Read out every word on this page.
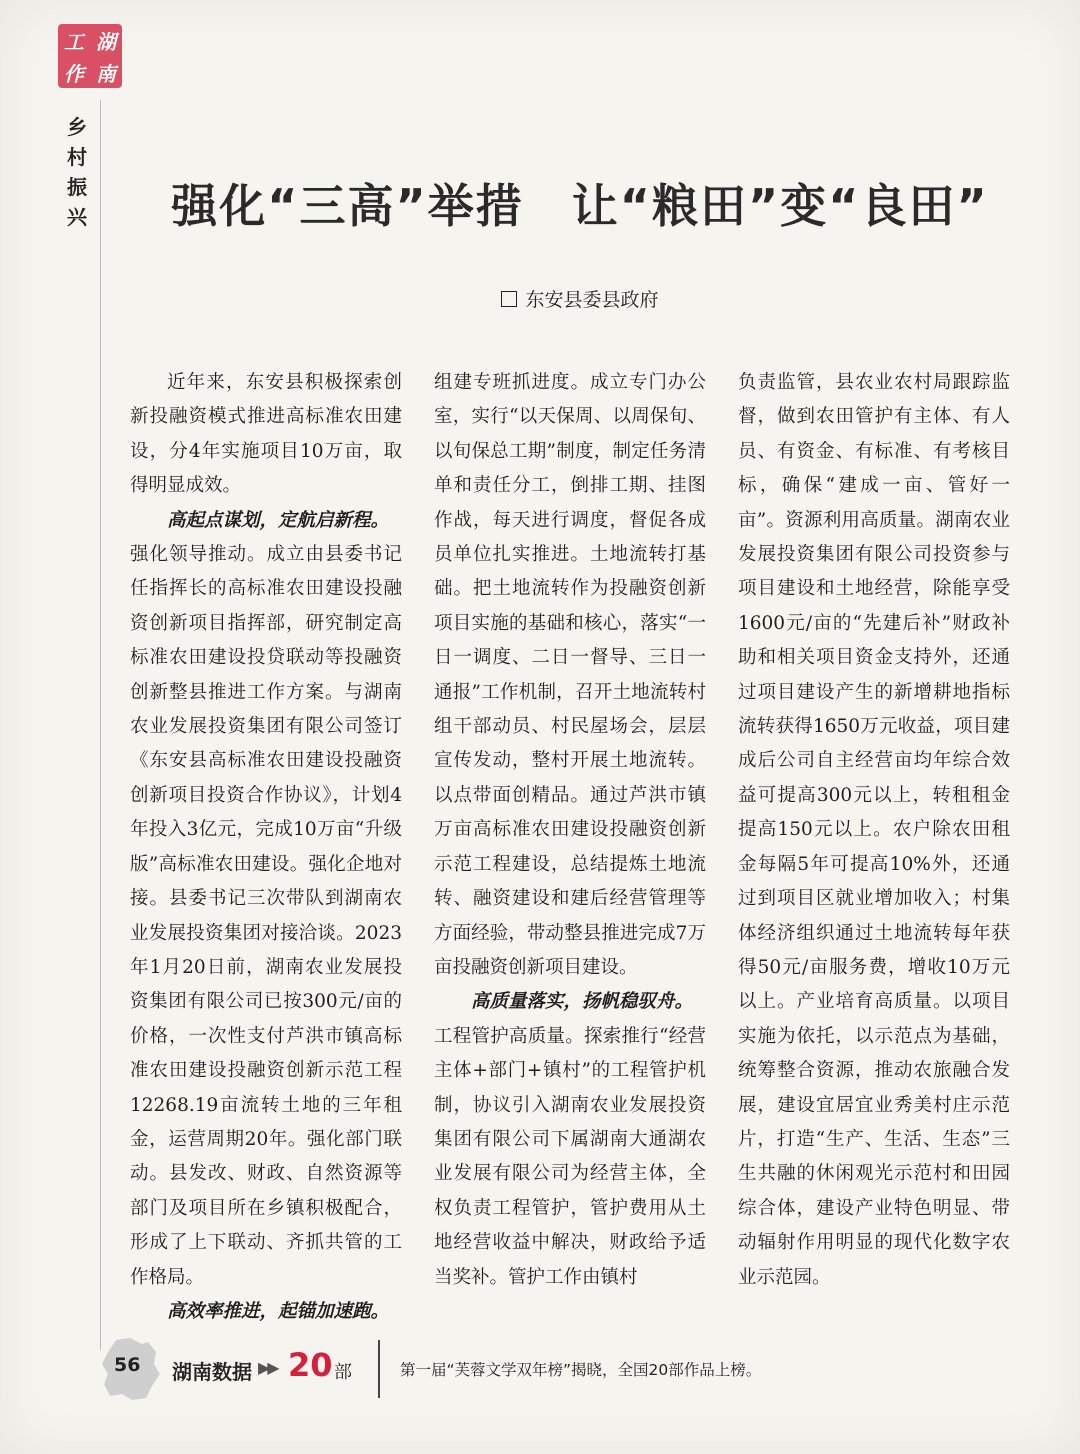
工 湖
作 南
乡
村
振
兴	强化“三高”举措　让“粮田”变“良田”
东安县委县政府

近年来，东安县积极探索创新投融资模式推进高标准农田建设，分4年实施项目10万亩，取得明显成效。

高起点谋划，定航启新程。

强化领导推动。成立由县委书记任指挥长的高标准农田建设投融资创新项目指挥部，研究制定高标准农田建设投贷联动等投融资创新整县推进工作方案。与湖南农业发展投资集团有限公司签订《东安县高标准农田建设投融资创新项目投资合作协议》，计划4年投入3亿元，完成10万亩“升级版”高标准农田建设。强化企地对接。县委书记三次带队到湖南农业发展投资集团对接洽谈。2023年1月20日前，湖南农业发展投资集团有限公司已按300元/亩的价格，一次性支付芦洪市镇高标准农田建设投融资创新示范工程12268.19亩流转土地的三年租金，运营周期20年。强化部门联动。县发改、财政、自然资源等部门及项目所在乡镇积极配合，形成了上下联动、齐抓共管的工作格局。

高效率推进，起锚加速跑。

组建专班抓进度。成立专门办公室，实行“以天保周、以周保旬、以旬保总工期”制度，制定任务清单和责任分工，倒排工期、挂图作战，每天进行调度，督促各成员单位扎实推进。土地流转打基础。把土地流转作为投融资创新项目实施的基础和核心，落实“一日一调度、二日一督导、三日一通报”工作机制，召开土地流转村组干部动员、村民屋场会，层层宣传发动，整村开展土地流转。以点带面创精品。通过芦洪市镇万亩高标准农田建设投融资创新示范工程建设，总结提炼土地流转、融资建设和建后经营管理等方面经验，带动整县推进完成7万亩投融资创新项目建设。

高质量落实，扬帆稳驭舟。

工程管护高质量。探索推行“经营主体+部门+镇村”的工程管护机制，协议引入湖南农业发展投资集团有限公司下属湖南大通湖农业发展有限公司为经营主体，全权负责工程管护，管护费用从土地经营收益中解决，财政给予适当奖补。管护工作由镇村

负责监管，县农业农村局跟踪监督，做到农田管护有主体、有人员、有资金、有标准、有考核目标，确保“建成一亩、管好一亩”。资源利用高质量。湖南农业发展投资集团有限公司投资参与项目建设和土地经营，除能享受1600元/亩的“先建后补”财政补助和相关项目资金支持外，还通过项目建设产生的新增耕地指标流转获得1650万元收益，项目建成后公司自主经营亩均年综合效益可提高300元以上，转租租金提高150元以上。农户除农田租金每隔5年可提高10%外，还通过到项目区就业增加收入；村集体经济组织通过土地流转每年获得50元/亩服务费，增收10万元以上。产业培育高质量。以项目实施为依托，以示范点为基础，统筹整合资源，推动农旅融合发展，建设宜居宜业秀美村庄示范片，打造“生产、生活、生态”三生共融的休闲观光示范村和田园综合体，建设产业特色明显、带动辐射作用明显的现代化数字农业示范园。

56 湖南数据 ▶▶ 20 部	第一届“芙蓉文学双年榜”揭晓，全国20部作品上榜。
